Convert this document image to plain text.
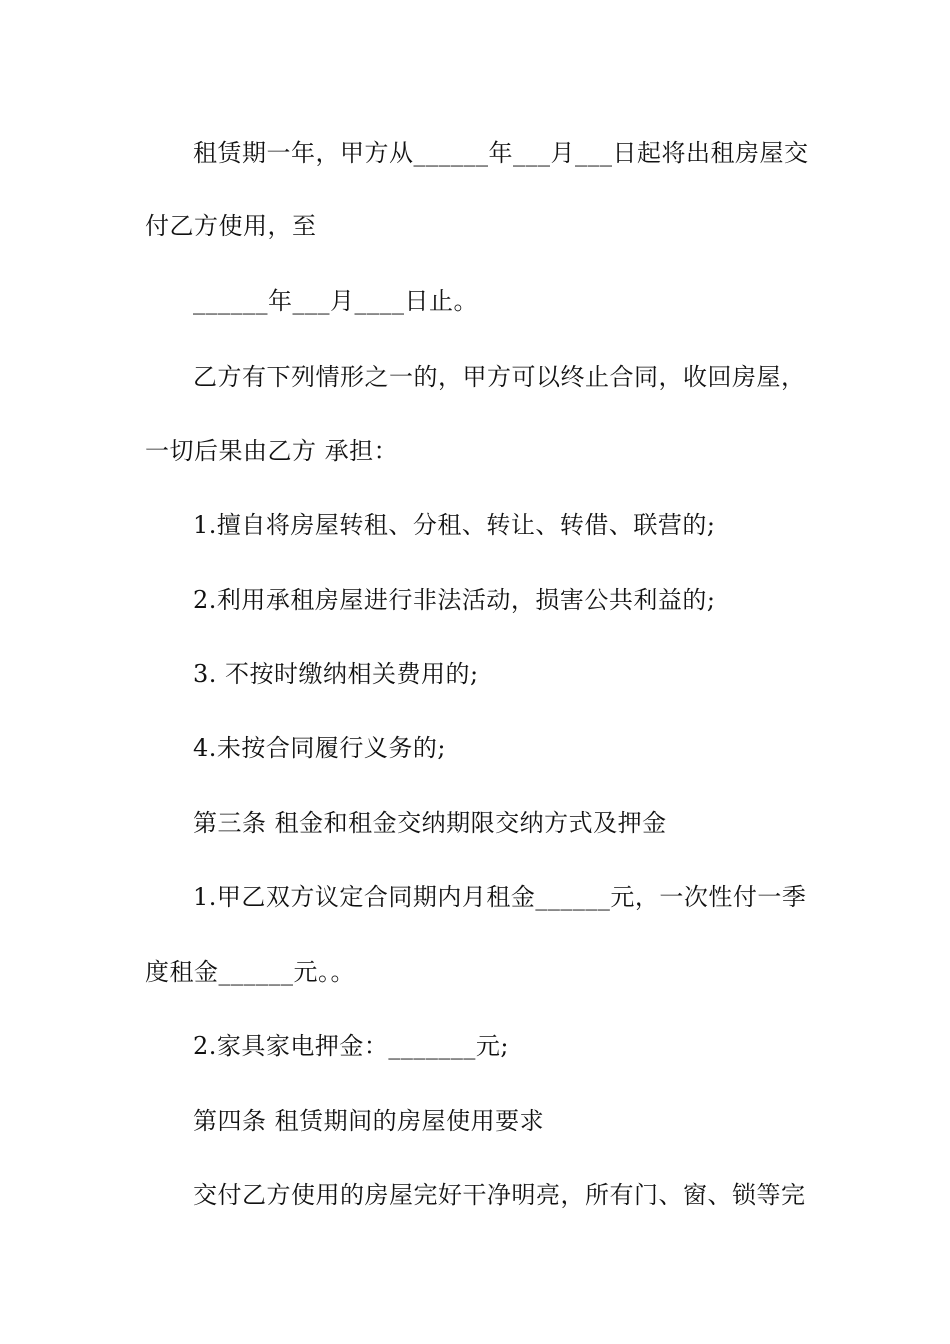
租赁期一年，甲方从______年___月___日起将出租房屋交
付乙方使用，至
______年___月____日止。
乙方有下列情形之一的，甲方可以终止合同，收回房屋，
一切后果由乙方 承担：
1.擅自将房屋转租、分租、转让、转借、联营的;
2.利用承租房屋进行非法活动，损害公共利益的;
3. 不按时缴纳相关费用的;
4.未按合同履行义务的;
第三条 租金和租金交纳期限交纳方式及押金
1.甲乙双方议定合同期内月租金______元，一次性付一季
度租金______元。。
2.家具家电押金：_______元;
第四条 租赁期间的房屋使用要求
交付乙方使用的房屋完好干净明亮，所有门、窗、锁等完
